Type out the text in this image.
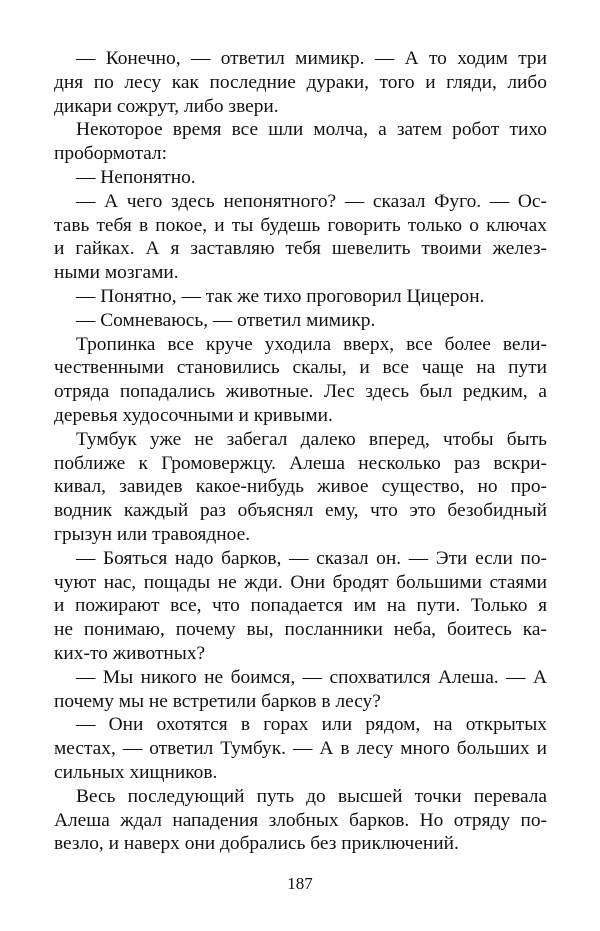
— Конечно, — ответил мимикр. — А то ходим три
дня по лесу как последние дураки, того и гляди, либо
дикари сожрут, либо звери.
Некоторое время все шли молча, а затем робот тихо
пробормотал:
— Непонятно.
— А чего здесь непонятного? — сказал Фуго. — Ос-
тавь тебя в покое, и ты будешь говорить только о ключах
и гайках. А я заставляю тебя шевелить твоими желез-
ными мозгами.
— Понятно, — так же тихо проговорил Цицерон.
— Сомневаюсь, — ответил мимикр.
Тропинка все круче уходила вверх, все более вели-
чественными становились скалы, и все чаще на пути
отряда попадались животные. Лес здесь был редким, а
деревья худосочными и кривыми.
Тумбук уже не забегал далеко вперед, чтобы быть
поближе к Громовержцу. Алеша несколько раз вскри-
кивал, завидев какое-нибудь живое существо, но про-
водник каждый раз объяснял ему, что это безобидный
грызун или травоядное.
— Бояться надо барков, — сказал он. — Эти если по-
чуют нас, пощады не жди. Они бродят большими стаями
и пожирают все, что попадается им на пути. Только я
не понимаю, почему вы, посланники неба, боитесь ка-
ких-то животных?
— Мы никого не боимся, — спохватился Алеша. — А
почему мы не встретили барков в лесу?
— Они охотятся в горах или рядом, на открытых
местах, — ответил Тумбук. — А в лесу много больших и
сильных хищников.
Весь последующий путь до высшей точки перевала
Алеша ждал нападения злобных барков. Но отряду по-
везло, и наверх они добрались без приключений.
187
